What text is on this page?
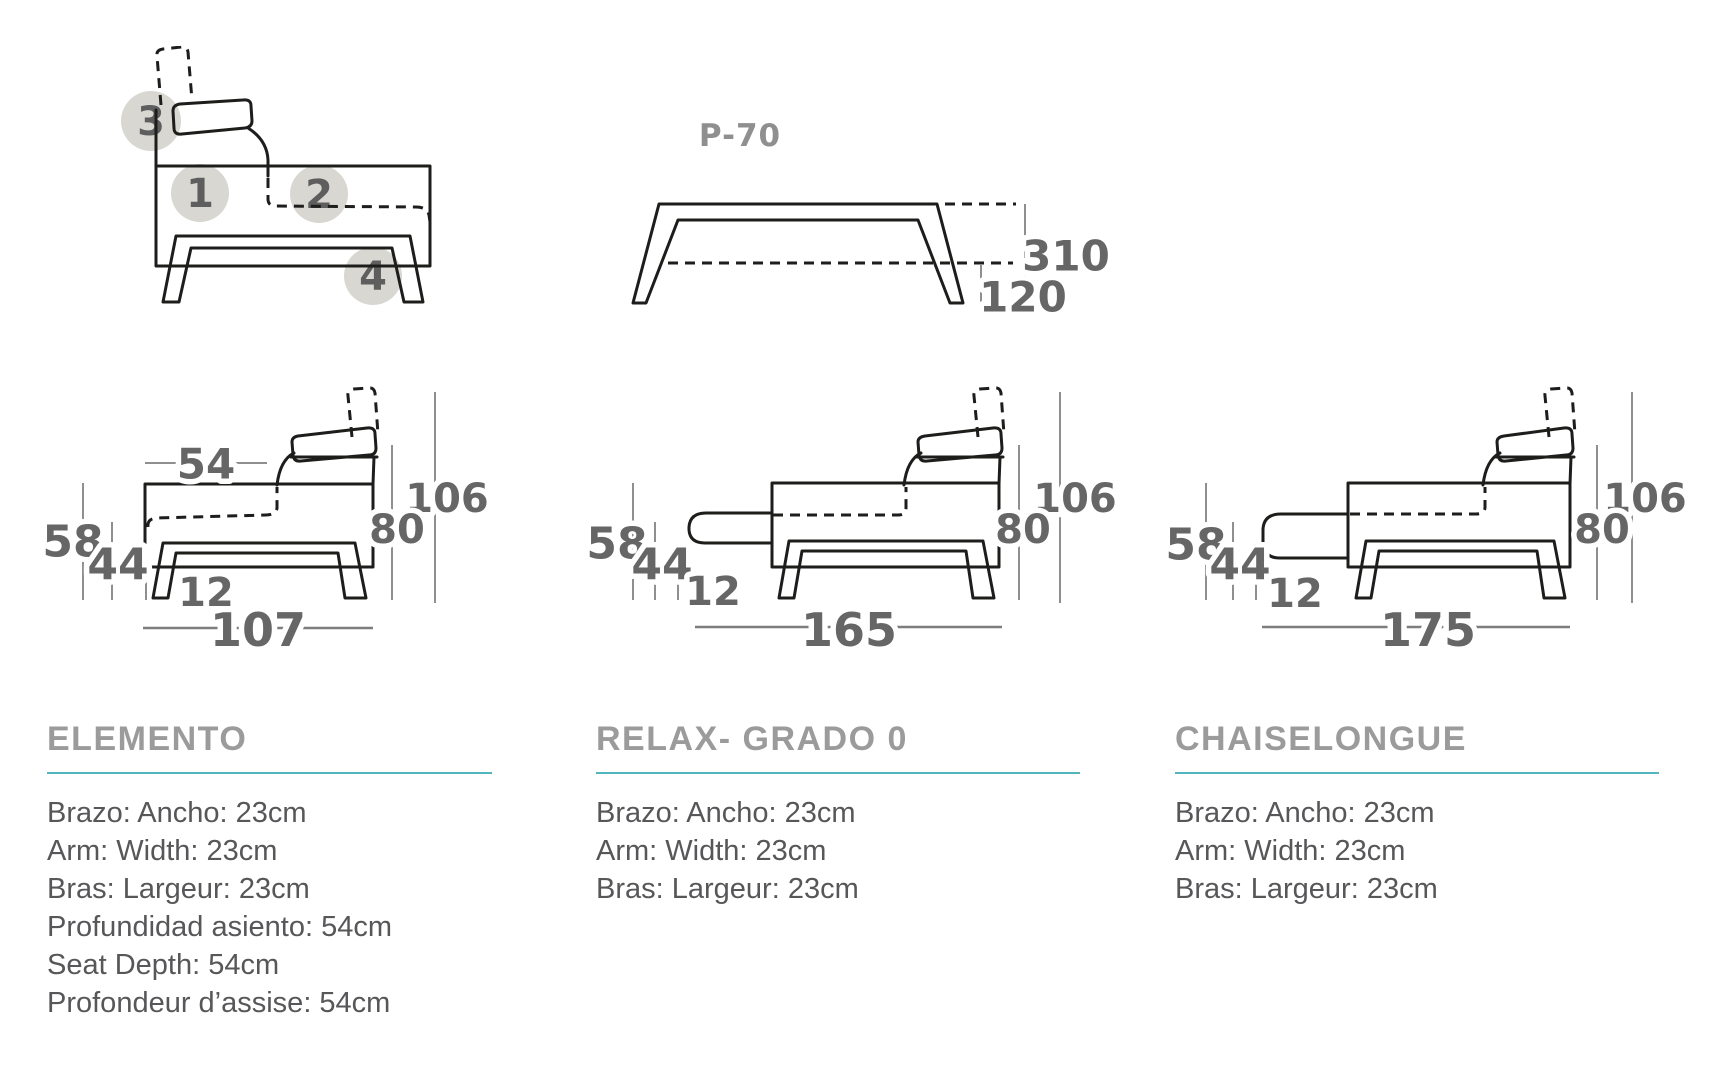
3
1 2
4
P-70
310
120
54
106
80
58
44
12
107
106
80
58
44
12
165
106
80
58
44
12
175
ELEMENTO

Brazo: Ancho: 23cm

Arm: Width: 23cm

Bras: Largeur: 23cm

Profundidad asiento: 54cm

Seat Depth: 54cm

Profondeur d’assise: 54cm

RELAX- GRADO 0

Brazo: Ancho: 23cm

Arm: Width: 23cm

Bras: Largeur: 23cm

CHAISELONGUE

Brazo: Ancho: 23cm

Arm: Width: 23cm

Bras: Largeur: 23cm
